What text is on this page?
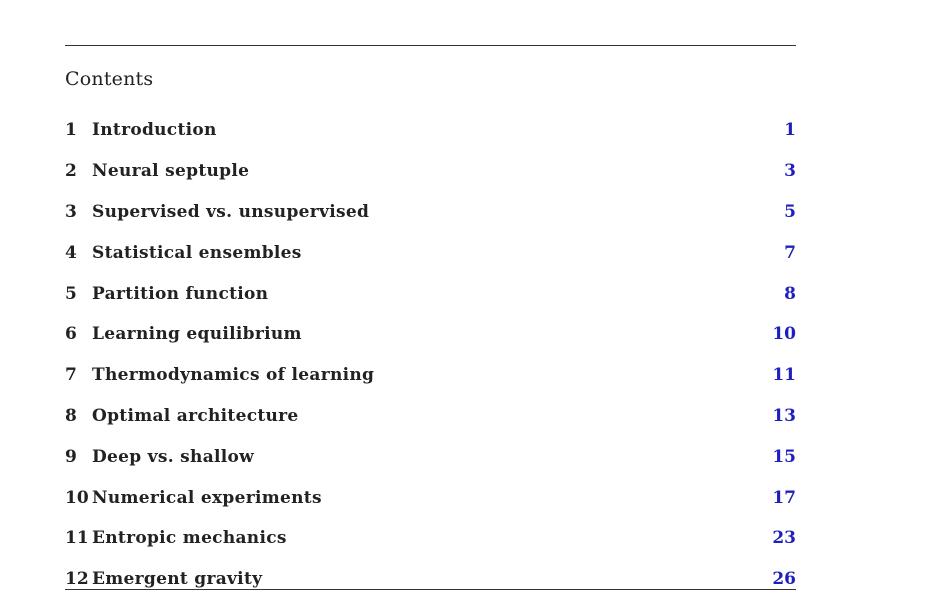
Contents
1 Introduction	1
2 Neural septuple	3
3 Supervised vs. unsupervised	5
4 Statistical ensembles	7
5 Partition function	8
6 Learning equilibrium	10
7 Thermodynamics of learning	11
8 Optimal architecture	13
9 Deep vs. shallow	15
10 Numerical experiments	17
11 Entropic mechanics	23
12 Emergent gravity	26
